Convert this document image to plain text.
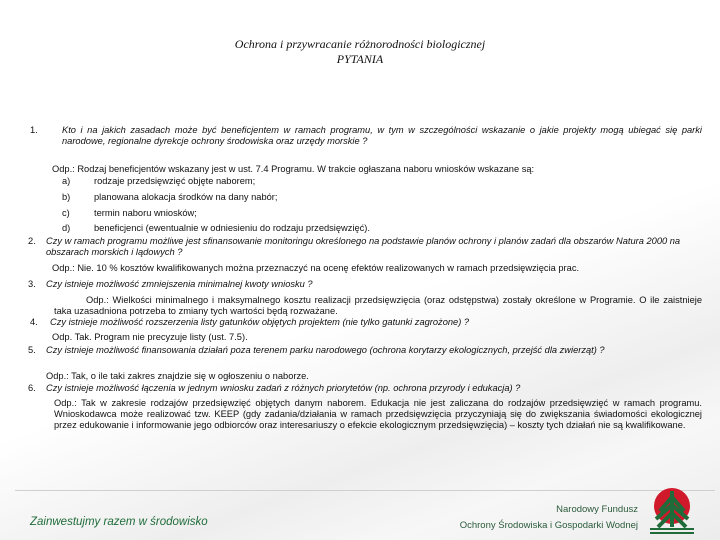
Ochrona i przywracanie różnorodności biologicznej
PYTANIA
1.	Kto i na jakich zasadach może być beneficjentem w ramach programu, w tym w szczególności wskazanie o jakie projekty mogą ubiegać się parki narodowe, regionalne dyrekcje ochrony środowiska oraz urzędy morskie ?
Odp.: Rodzaj beneficjentów wskazany jest w ust. 7.4 Programu. W trakcie ogłaszana naboru wniosków wskazane są:
a)	rodzaje przedsięwzięć objęte naborem;
b)	planowana alokacja środków na dany nabór;
c)	termin naboru wniosków;
d)	beneficjenci (ewentualnie w odniesieniu do rodzaju przedsięwzięć).
2. Czy w ramach programu możliwe jest sfinansowanie monitoringu określonego na podstawie planów ochrony i planów zadań dla obszarów Natura 2000 na obszarach morskich i lądowych ?
Odp.: Nie. 10 % kosztów kwalifikowanych można przeznaczyć na ocenę efektów realizowanych w ramach przedsięwzięcia prac.
3. Czy istnieje możliwość zmniejszenia minimalnej kwoty wniosku ?
Odp.: Wielkości minimalnego i maksymalnego kosztu realizacji przedsięwzięcia (oraz odstępstwa) zostały określone w Programie. O ile zaistnieje taka uzasadniona potrzeba to zmiany tych wartości będą rozważane.
4. Czy istnieje możliwość rozszerzenia listy gatunków objętych projektem (nie tylko gatunki zagrożone) ?
Odp. Tak. Program nie precyzuje listy (ust. 7.5).
5. Czy istnieje możliwość finansowania działań poza terenem parku narodowego (ochrona korytarzy ekologicznych, przejść dla zwierząt) ?
Odp.: Tak, o ile taki zakres znajdzie się w ogłoszeniu o naborze.
6. Czy istnieje możliwość łączenia w jednym wniosku zadań z różnych priorytetów (np. ochrona przyrody i edukacja) ?
Odp.: Tak w zakresie rodzajów przedsięwzięć objętych danym naborem. Edukacja nie jest zaliczana do rodzajów przedsięwzięć w ramach programu. Wnioskodawca może realizować tzw. KEEP (gdy zadania/działania w ramach przedsięwzięcia przyczyniają się do zwiększania świadomości ekologicznej przez edukowanie i informowanie jego odbiorców oraz interesariuszy o efekcie ekologicznym przedsięwzięcia) – koszty tych działań nie są kwalifikowane.
Zainwestujmy razem w środowisko
Narodowy Fundusz
Ochrony Środowiska i Gospodarki Wodnej
